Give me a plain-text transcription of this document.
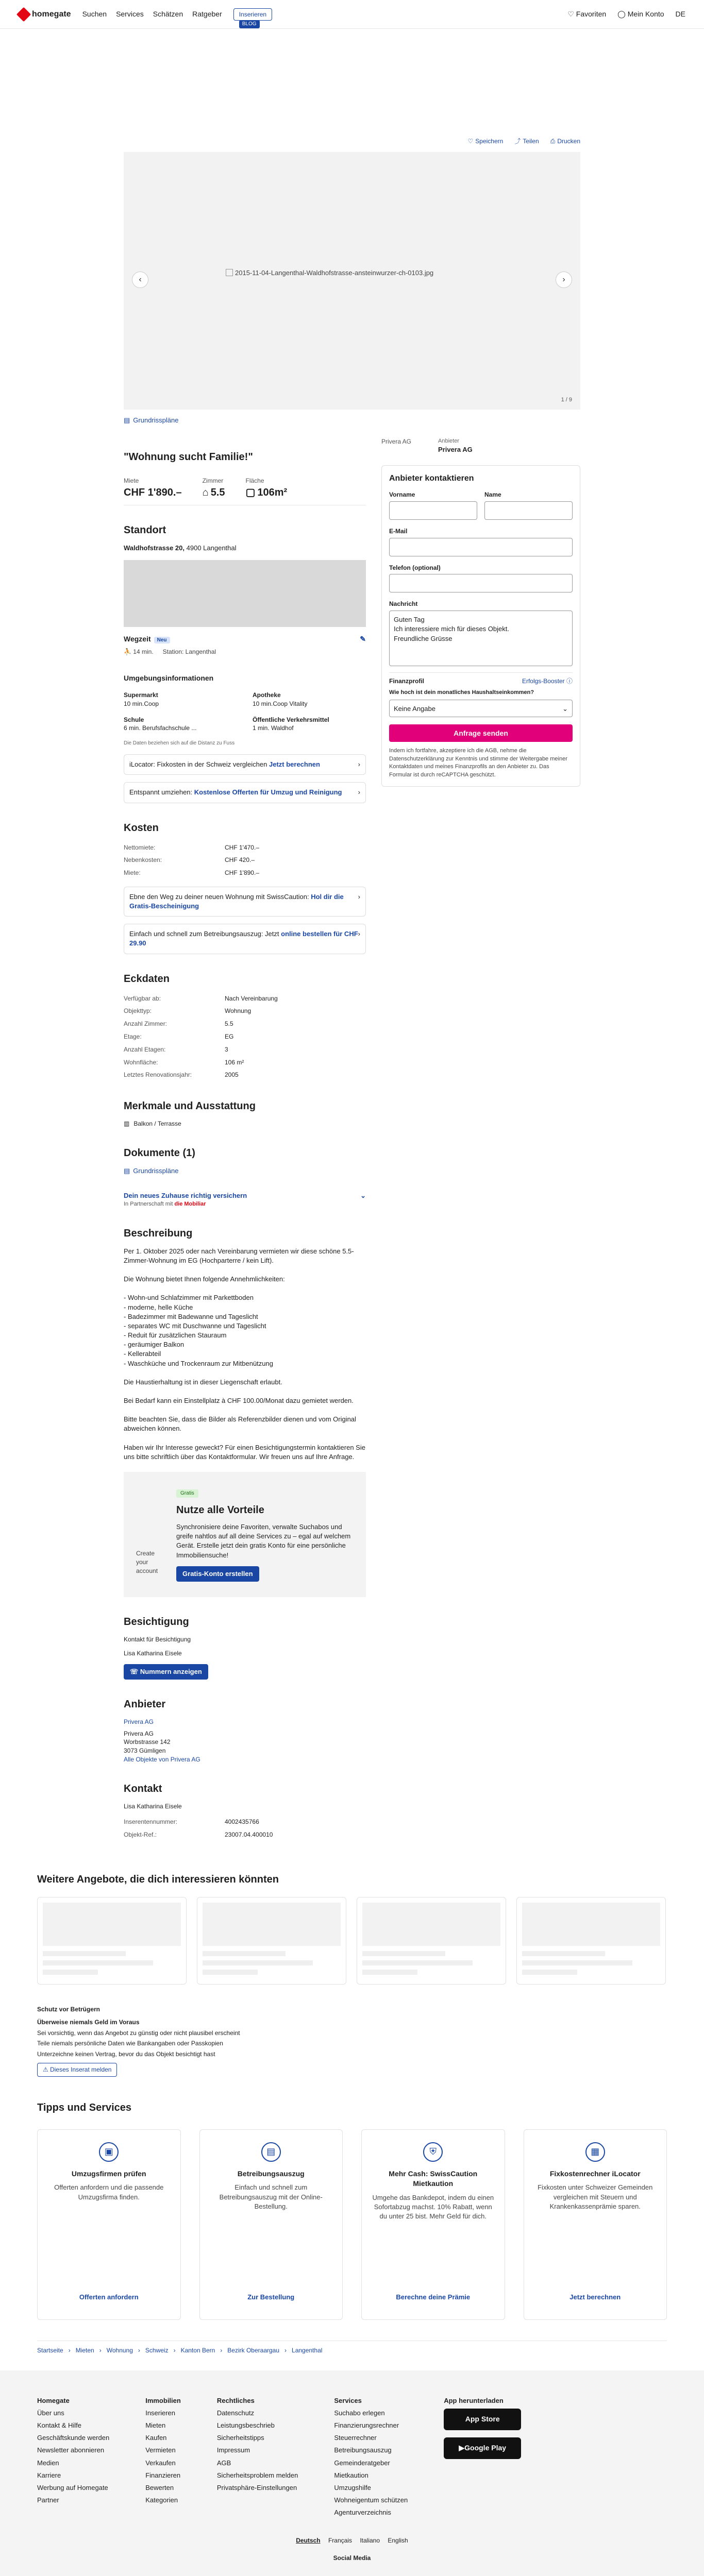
homegate Suchen Services Schätzen Ratgeber	Inserieren
BLOG
♡ Favoriten ◯ Mein Konto DE
♡ Speichern ⤴ Teilen ⎙ Drucken
2015-11-04-Langenthal-Waldhofstrasse-ansteinwurzer-ch-0103.jpg
‹	›
1 / 9
▤ Grundrisspläne
"Wohnung sucht Familie!"
Miete
CHF 1'890.–
Zimmer
⌂ 5.5
Fläche
▢ 106m²
Standort
Waldhofstrasse 20, 4900 Langenthal
Wegzeit Neu	✎
⛹ 14 min. Station: Langenthal
Umgebungsinformationen
Supermarkt
10 min.Coop
Apotheke
10 min.Coop Vitality
Schule
6 min. Berufsfachschule ...
Öffentliche Verkehrsmittel
1 min. Waldhof
Die Daten beziehen sich auf die Distanz zu Fuss
iLocator: Fixkosten in der Schweiz vergleichen Jetzt berechnen	›
Entspannt umziehen: Kostenlose Offerten für Umzug und Reinigung ›
Kosten
Nettomiete:	CHF 1'470.–
Nebenkosten:	CHF 420.–
Miete:	CHF 1'890.–
Ebne den Weg zu deiner neuen Wohnung mit SwissCaution: Hol dir die Gratis-Bescheinigung
›
Einfach und schnell zum Betreibungsauszug: Jetzt online bestellen für CHF 29.90
›
Eckdaten
Verfügbar ab:	Nach Vereinbarung
Objekttyp:	Wohnung
Anzahl Zimmer:	5.5
Etage:	EG
Anzahl Etagen:	3
Wohnfläche:	106 m²
Letztes Renovationsjahr:	2005
Merkmale und Ausstattung
▥ Balkon / Terrasse
Dokumente (1)
▤ Grundrisspläne
Dein neues Zuhause richtig versichern
In Partnerschaft mit die Mobiliar
⌄
Beschreibung

Per 1. Oktober 2025 oder nach Vereinbarung vermieten wir diese schöne 5.5-Zimmer-Wohnung im EG (Hochparterre / kein Lift).

Die Wohnung bietet Ihnen folgende Annehmlichkeiten:

- Wohn-und Schlafzimmer mit Parkettboden
- moderne, helle Küche
- Badezimmer mit Badewanne und Tageslicht
- separates WC mit Duschwanne und Tageslicht
- Reduit für zusätzlichen Stauraum
- geräumiger Balkon
- Kellerabteil
- Waschküche und Trockenraum zur Mitbenützung

Die Haustierhaltung ist in dieser Liegenschaft erlaubt.

Bei Bedarf kann ein Einstellplatz à CHF 100.00/Monat dazu gemietet werden.

Bitte beachten Sie, dass die Bilder als Referenzbilder dienen und vom Original abweichen können.

Haben wir Ihr Interesse geweckt? Für einen Besichtigungstermin kontaktieren Sie uns bitte schriftlich über das Kontaktformular. Wir freuen uns auf Ihre Anfrage.

Create your account
Gratis
Nutze alle Vorteile

Synchronisiere deine Favoriten, verwalte Suchabos und greife nahtlos auf all deine Services zu – egal auf welchem Gerät. Erstelle jetzt dein gratis Konto für eine persönliche Immobiliensuche!

Gratis-Konto erstellen
Besichtigung
Kontakt für Besichtigung
Lisa Katharina Eisele
☏ Nummern anzeigen
Anbieter
Privera AG
Privera AG
Worbstrasse 142
3073 Gümligen
Alle Objekte von Privera AG
Kontakt
Lisa Katharina Eisele
Inserentennummer:	4002435766
Objekt-Ref.:	23007.04.400010
Privera AG	Anbieter
Privera AG
Anbieter kontaktieren
Vorname	Name
E-Mail
Telefon (optional)
Nachricht
Guten Tag
Ich interessiere mich für dieses Objekt.
Freundliche Grüsse
Finanzprofil	Erfolgs-Booster ⓘ
Wie hoch ist dein monatliches Haushaltseinkommen?
Keine Angabe	⌄
Anfrage senden
Indem ich fortfahre, akzeptiere ich die AGB, nehme die Datenschutzerklärung zur Kenntnis und stimme der Weitergabe meiner Kontaktdaten und meines Finanzprofils an den Anbieter zu. Das Formular ist durch reCAPTCHA geschützt.
Weitere Angebote, die dich interessieren könnten
Schutz vor Betrügern
Überweise niemals Geld im Voraus
Sei vorsichtig, wenn das Angebot zu günstig oder nicht plausibel erscheint
Teile niemals persönliche Daten wie Bankangaben oder Passkopien
Unterzeichne keinen Vertrag, bevor du das Objekt besichtigt hast
⚠ Dieses Inserat melden
Tipps und Services
▣
Umzugsfirmen prüfen

Offerten anfordern und die passende Umzugsfirma finden.

Offerten anfordern
▤
Betreibungsauszug

Einfach und schnell zum Betreibungsauszug mit der Online-Bestellung.

Zur Bestellung
⛨
Mehr Cash: SwissCaution Mietkaution

Umgehe das Bankdepot, indem du einen Sofortabzug machst. 10% Rabatt, wenn du unter 25 bist. Mehr Geld für dich.

Berechne deine Prämie
▦
Fixkostenrechner iLocator

Fixkosten unter Schweizer Gemeinden vergleichen mit Steuern und Krankenkassenprämie sparen.

Jetzt berechnen
Startseite › Mieten › Wohnung › Schweiz › Kanton Bern › Bezirk Oberaargau › Langenthal
Homegate
Über uns
Kontakt & Hilfe
Geschäftskunde werden
Newsletter abonnieren
Medien
Karriere
Werbung auf Homegate
Partner
Immobilien
Inserieren
Mieten
Kaufen
Vermieten
Verkaufen
Finanzieren
Bewerten
Kategorien
Rechtliches
Datenschutz
Leistungsbeschrieb
Sicherheitstipps
Impressum
AGB
Sicherheitsproblem melden
Privatsphäre-Einstellungen
Services
Suchabo erlegen
Finanzierungsrechner
Steuerrechner
Betreibungsauszug
Gemeinderatgeber
Mietkaution
Umzugshilfe
Wohneigentum schützen
Agenturverzeichnis
App herunterladen
App Store
▶ Google Play
Deutsch Français Italiano English
Social Media
